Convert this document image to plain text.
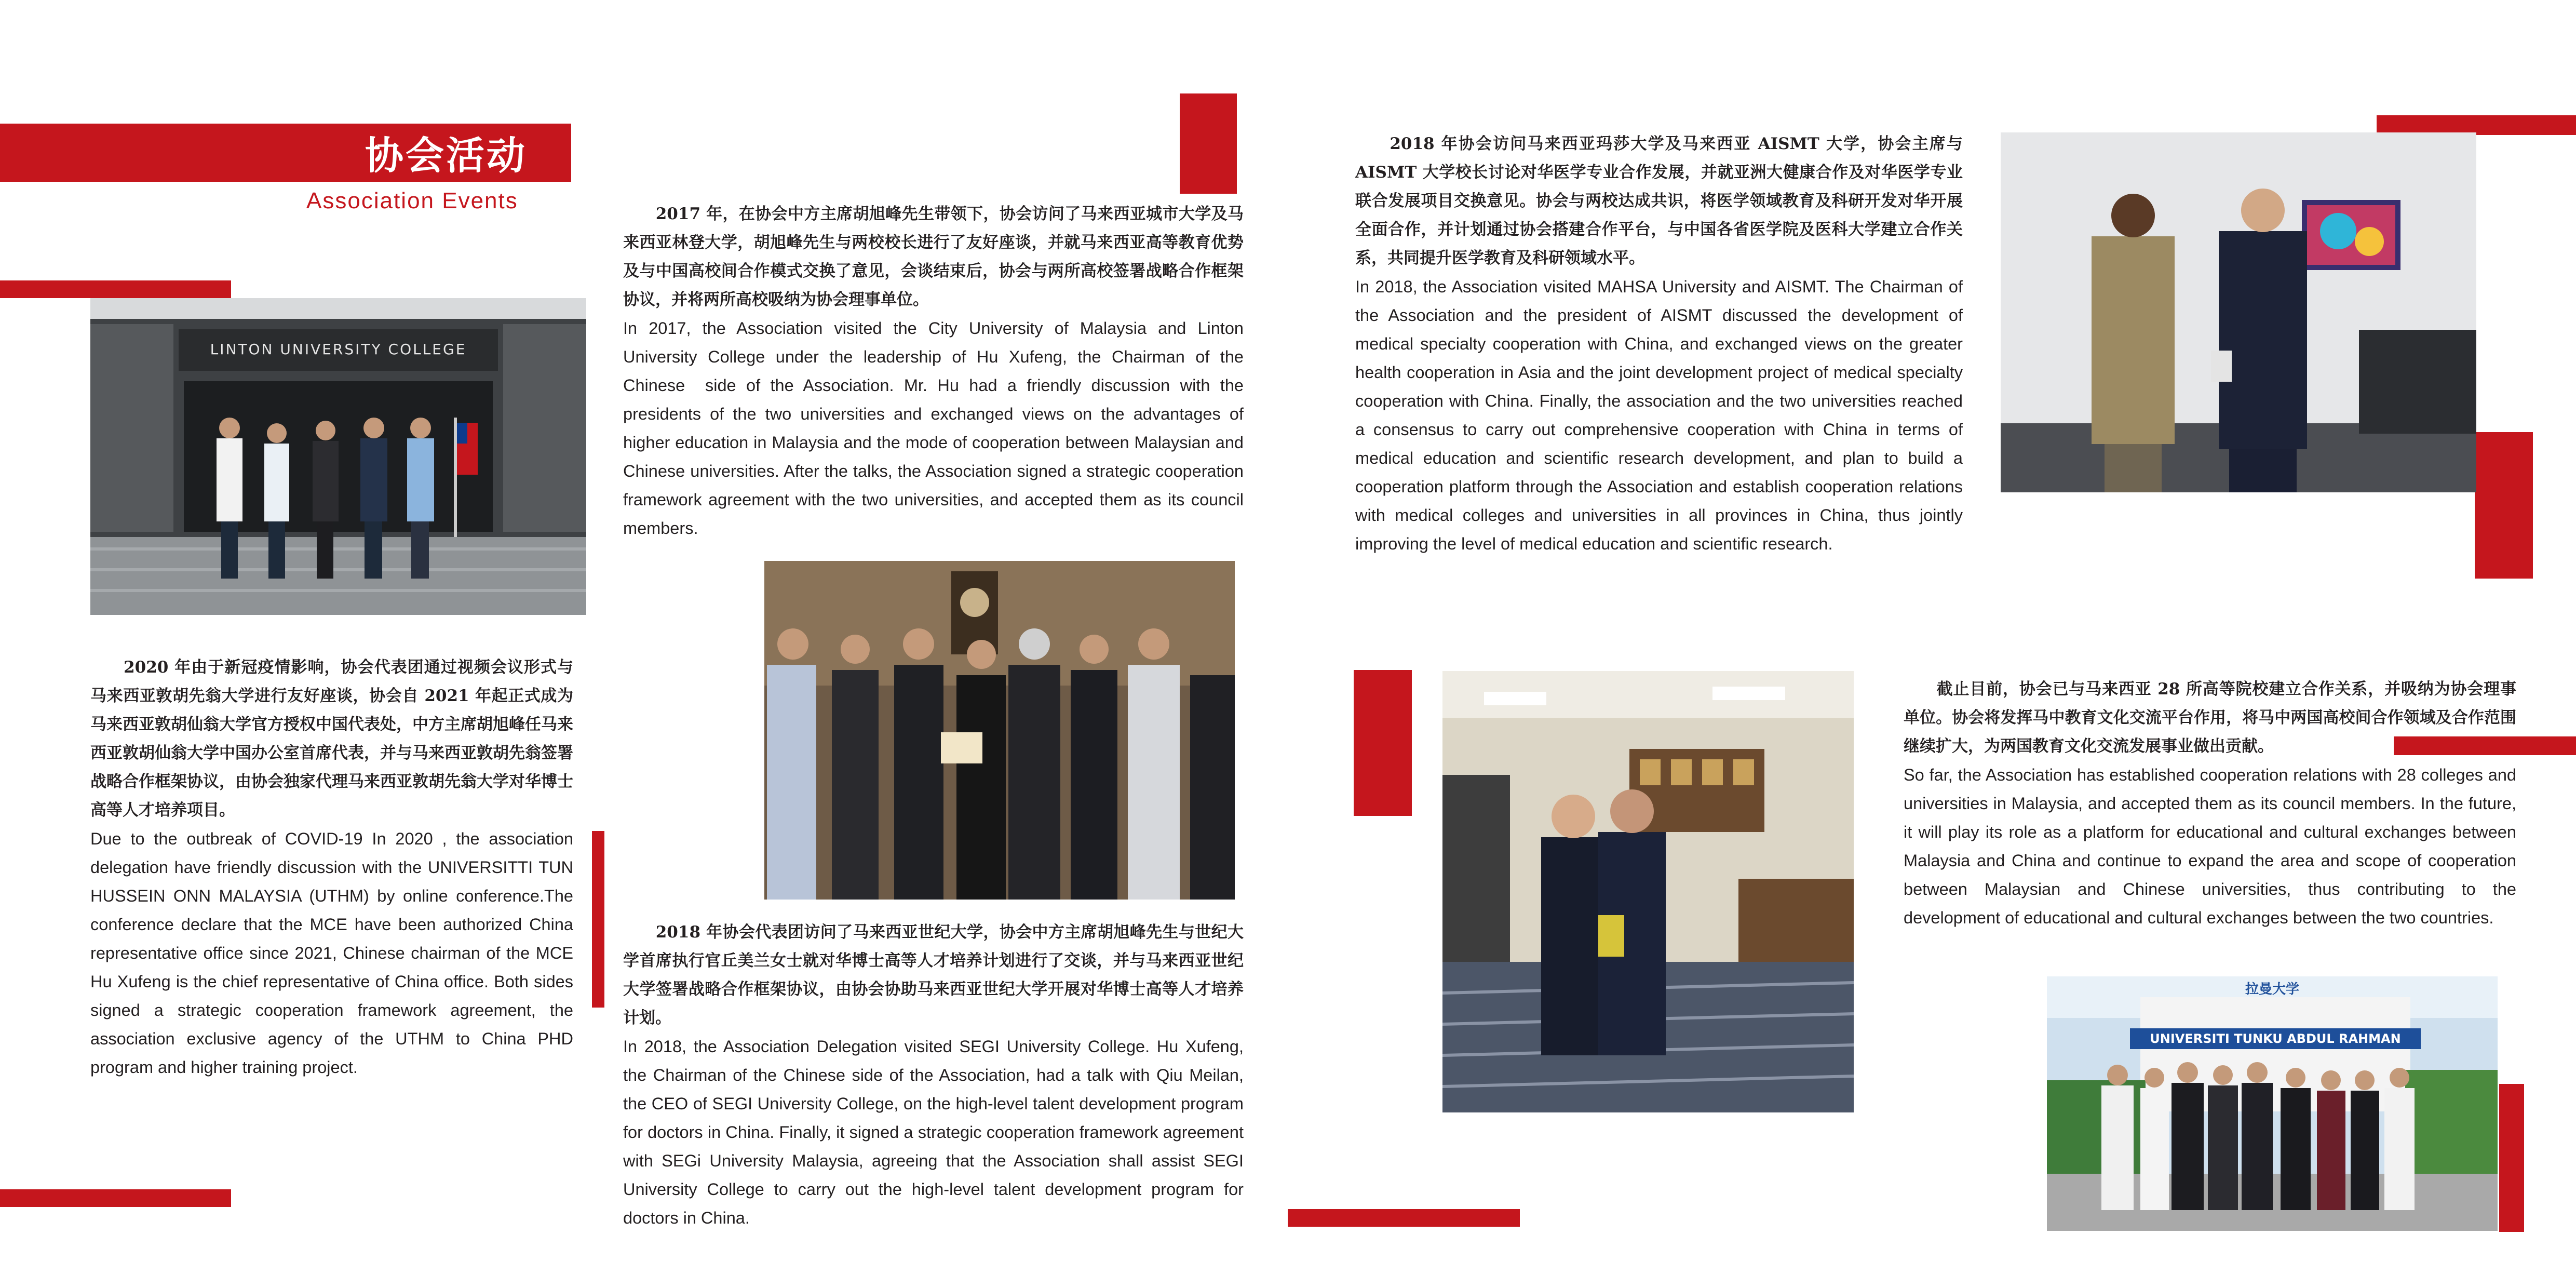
协会活动
Association Events
LINTON UNIVERSITY COLLEGE
拉曼大学
UNIVERSITI TUNKU ABDUL RAHMAN

　　2020 年由于新冠疫情影响，协会代表团通过视频会议形式与马来西亚敦胡先翁大学进行友好座谈，协会自 2021 年起正式成为马来西亚敦胡仙翁大学官方授权中国代表处，中方主席胡旭峰任马来西亚敦胡仙翁大学中国办公室首席代表，并与马来西亚敦胡先翁签署战略合作框架协议，由协会独家代理马来西亚敦胡先翁大学对华博士高等人才培养项目。

Due to the outbreak of COVID-19 In 2020 , the association delegation have friendly discussion with the UNIVERSITTI TUN HUSSEIN ONN MALAYSIA (UTHM) by online conference.The conference declare that the MCE have been authorized China representative office since 2021, Chinese chairman of the MCE Hu Xufeng is the chief representative of China office. Both sides signed a strategic cooperation framework agreement, the association exclusive agency of the UTHM to China PHD program and higher training project.

　　2017 年，在协会中方主席胡旭峰先生带领下，协会访问了马来西亚城市大学及马来西亚林登大学，胡旭峰先生与两校校长进行了友好座谈，并就马来西亚高等教育优势及与中国高校间合作模式交换了意见，会谈结束后，协会与两所高校签署战略合作框架协议，并将两所高校吸纳为协会理事单位。

In 2017, the Association visited the City University of Malaysia and Linton University College under the leadership of Hu Xufeng, the Chairman of the Chinese  side of the Association. Mr. Hu had a friendly discussion with the presidents of the two universities and exchanged views on the advantages of higher education in Malaysia and the mode of cooperation between Malaysian and Chinese universities. After the talks, the Association signed a strategic cooperation framework agreement with the two universities, and accepted them as its council members.

　　2018 年协会代表团访问了马来西亚世纪大学，协会中方主席胡旭峰先生与世纪大学首席执行官丘美兰女士就对华博士高等人才培养计划进行了交谈，并与马来西亚世纪大学签署战略合作框架协议，由协会协助马来西亚世纪大学开展对华博士高等人才培养计划。

In 2018, the Association Delegation visited SEGI University College. Hu Xufeng, the Chairman of the Chinese side of the Association, had a talk with Qiu Meilan, the CEO of SEGI University College, on the high-level talent development program for doctors in China. Finally, it signed a strategic cooperation framework agreement with SEGi University Malaysia, agreeing that the Association shall assist SEGI University College to carry out the high-level talent development program for doctors in China.

　　2018 年协会访问马来西亚玛莎大学及马来西亚 AISMT 大学，协会主席与 AISMT 大学校长讨论对华医学专业合作发展，并就亚洲大健康合作及对华医学专业联合发展项目交换意见。协会与两校达成共识，将医学领域教育及科研开发对华开展全面合作，并计划通过协会搭建合作平台，与中国各省医学院及医科大学建立合作关系，共同提升医学教育及科研领域水平。

In 2018, the Association visited MAHSA University and AISMT. The Chairman of the Association and the president of AISMT discussed the development of medical specialty cooperation with China, and exchanged views on the greater health cooperation in Asia and the joint development project of medical specialty cooperation with China. Finally, the association and the two universities reached a consensus to carry out comprehensive cooperation with China in terms of medical education and scientific research development, and plan to build a cooperation platform through the Association and establish cooperation relations with medical colleges and universities in all provinces in China, thus jointly improving the level of medical education and scientific research.

　　截止目前，协会已与马来西亚 28 所高等院校建立合作关系，并吸纳为协会理事单位。协会将发挥马中教育文化交流平台作用，将马中两国高校间合作领域及合作范围继续扩大，为两国教育文化交流发展事业做出贡献。

So far, the Association has established cooperation relations with 28 colleges and universities in Malaysia, and accepted them as its council members. In the future, it will play its role as a platform for educational and cultural exchanges between Malaysia and China and continue to expand the area and scope of cooperation between Malaysian and Chinese universities, thus contributing to the development of educational and cultural exchanges between the two countries.
